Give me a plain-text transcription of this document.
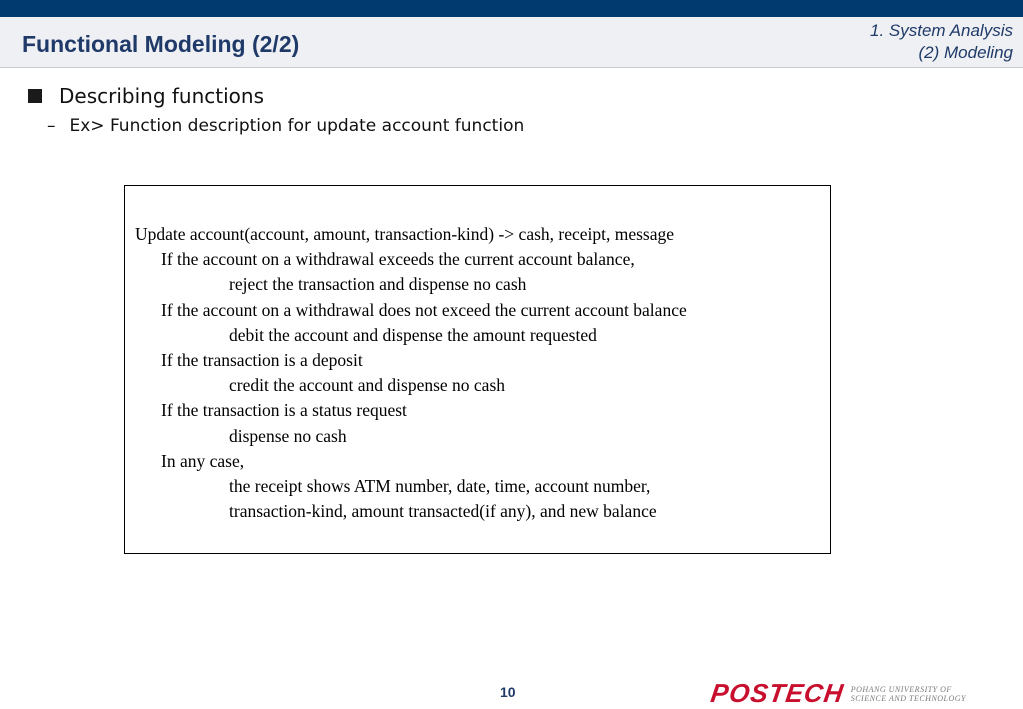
Functional Modeling (2/2)
1. System Analysis
(2) Modeling
Describing functions
– Ex> Function description for update account function
Update account(account, amount, transaction-kind) -> cash, receipt, message
If the account on a withdrawal exceeds the current account balance,
reject the transaction and dispense no cash
If the account on a withdrawal does not exceed the current account balance
debit the account and dispense the amount requested
If the transaction is a deposit
credit the account and dispense no cash
If the transaction is a status request
dispense no cash
In any case,
the receipt shows ATM number, date, time, account number,
transaction-kind, amount transacted(if any), and new balance
10	POSTECH POHANG UNIVERSITY OF
SCIENCE AND TECHNOLOGY
